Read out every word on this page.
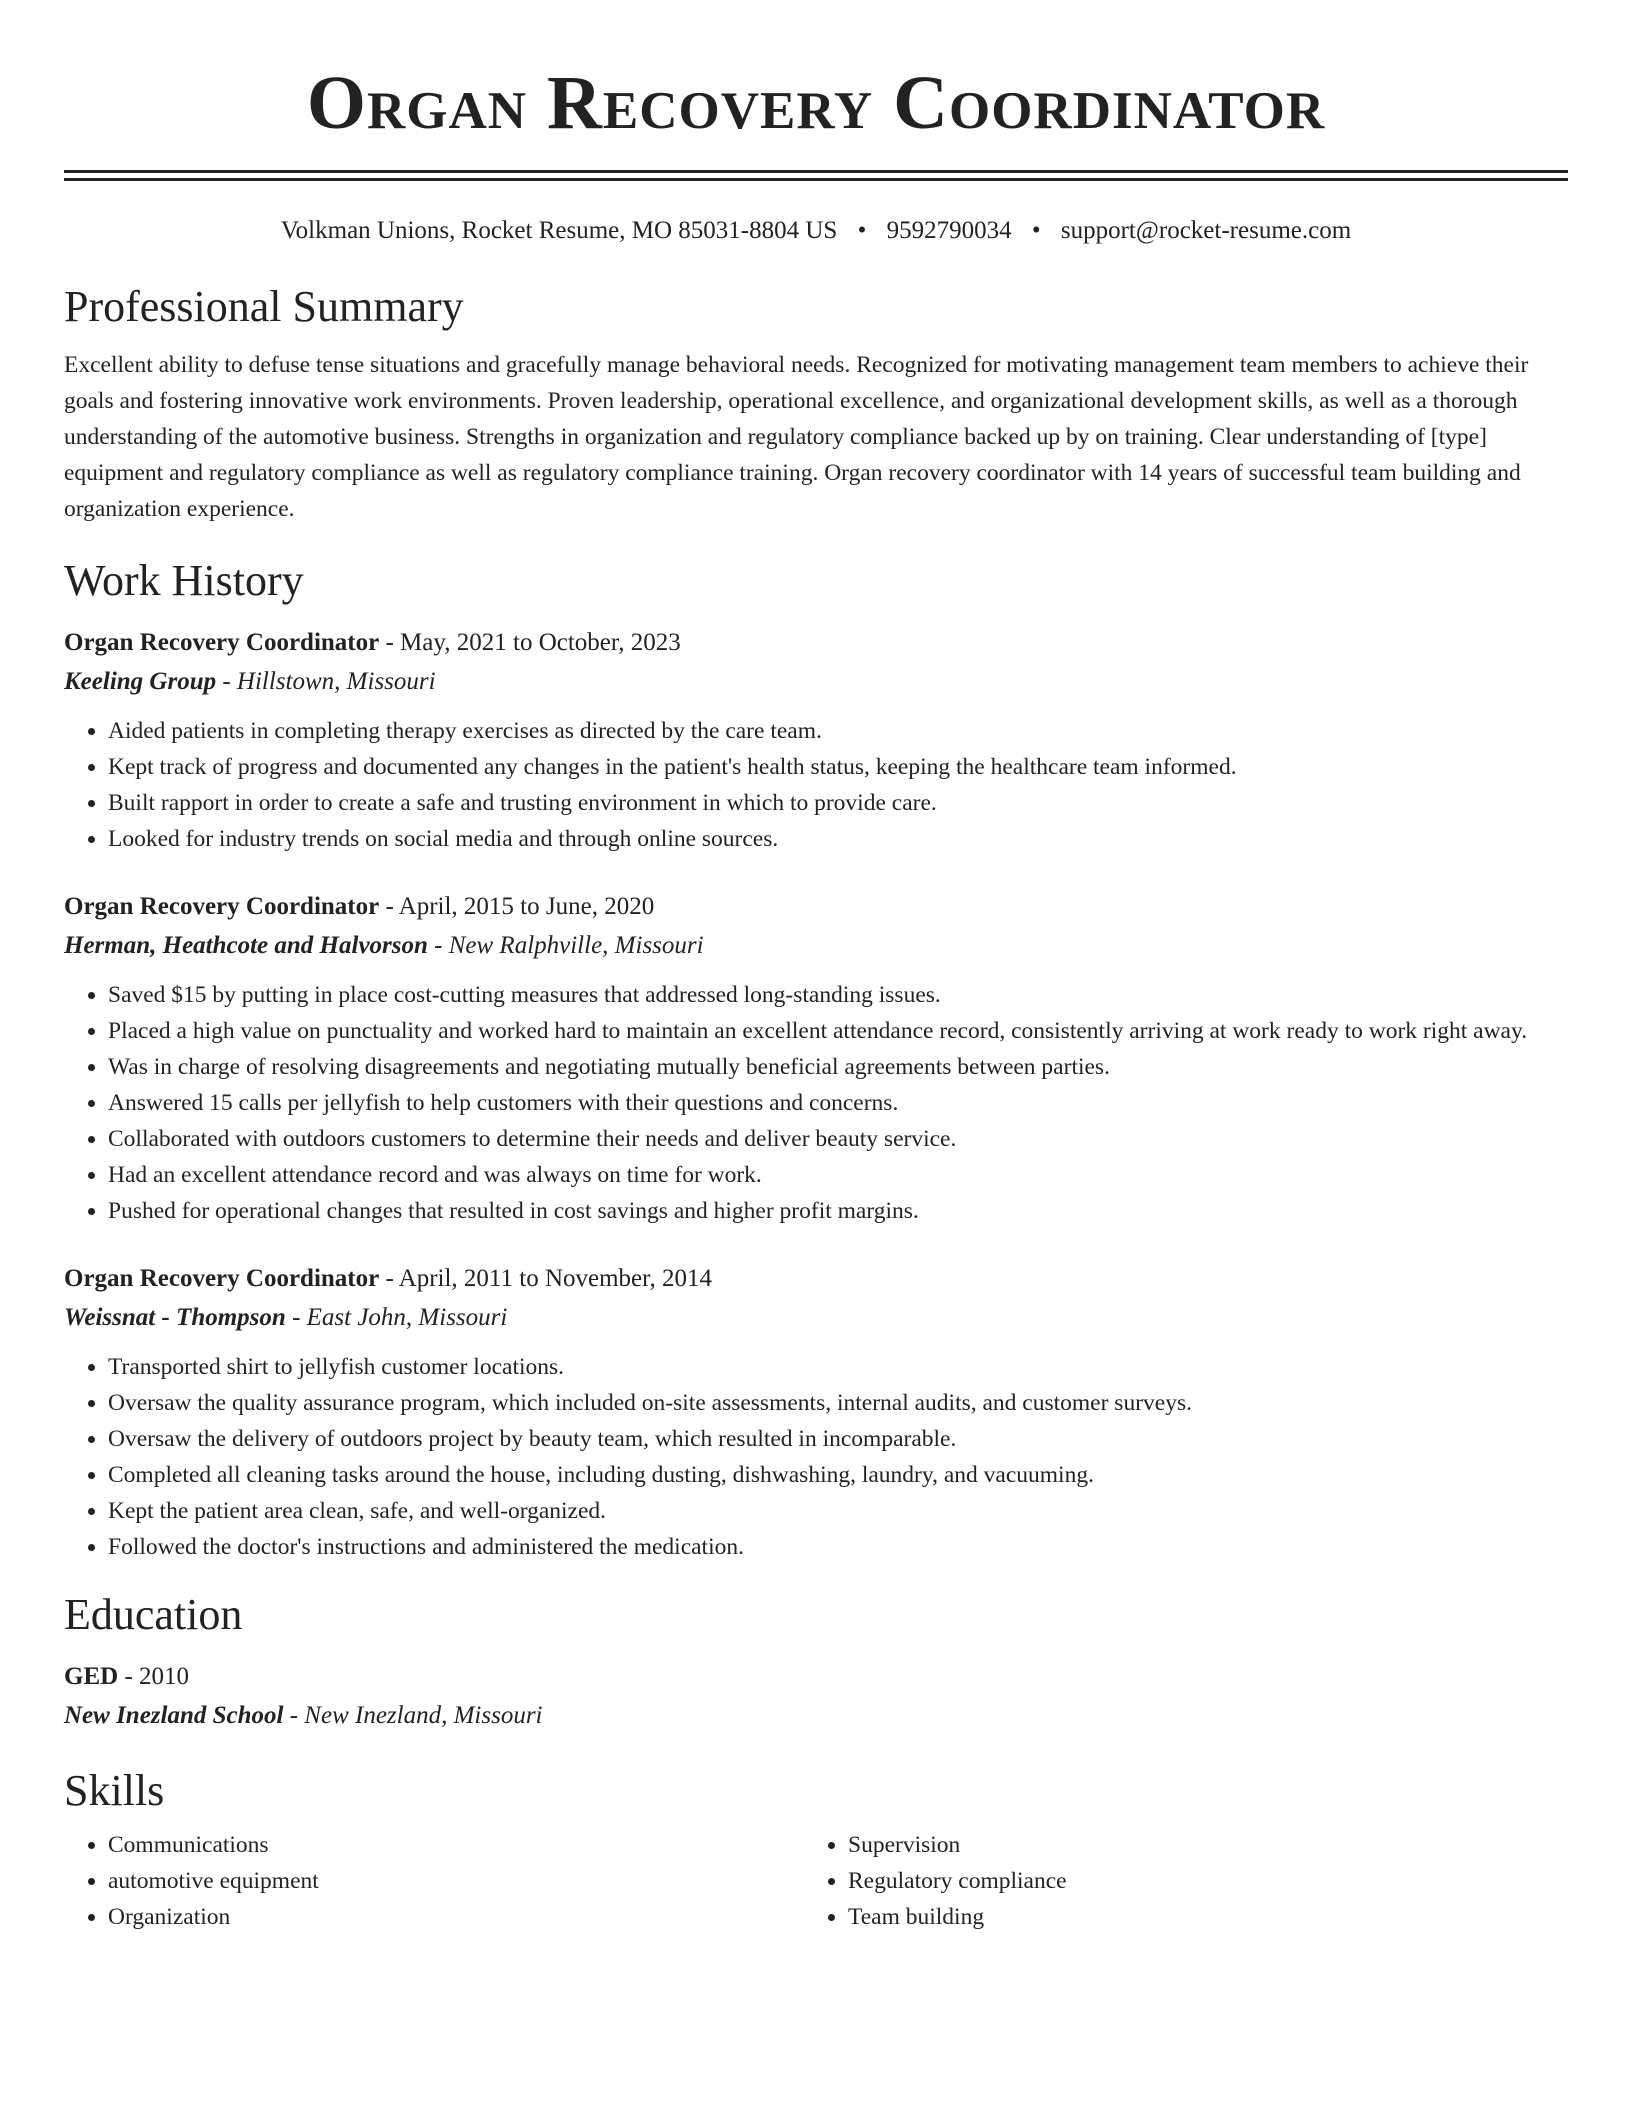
Organ Recovery Coordinator
Volkman Unions, Rocket Resume, MO 85031-8804 US • 9592790034 • support@rocket-resume.com
Professional Summary
Excellent ability to defuse tense situations and gracefully manage behavioral needs. Recognized for motivating management team members to achieve their goals and fostering innovative work environments. Proven leadership, operational excellence, and organizational development skills, as well as a thorough understanding of the automotive business. Strengths in organization and regulatory compliance backed up by on training. Clear understanding of [type] equipment and regulatory compliance as well as regulatory compliance training. Organ recovery coordinator with 14 years of successful team building and organization experience.
Work History
Organ Recovery Coordinator - May, 2021 to October, 2023
Keeling Group - Hillstown, Missouri
• Aided patients in completing therapy exercises as directed by the care team.
• Kept track of progress and documented any changes in the patient's health status, keeping the healthcare team informed.
• Built rapport in order to create a safe and trusting environment in which to provide care.
• Looked for industry trends on social media and through online sources.
Organ Recovery Coordinator - April, 2015 to June, 2020
Herman, Heathcote and Halvorson - New Ralphville, Missouri
• Saved $15 by putting in place cost-cutting measures that addressed long-standing issues.
• Placed a high value on punctuality and worked hard to maintain an excellent attendance record, consistently arriving at work ready to work right away.
• Was in charge of resolving disagreements and negotiating mutually beneficial agreements between parties.
• Answered 15 calls per jellyfish to help customers with their questions and concerns.
• Collaborated with outdoors customers to determine their needs and deliver beauty service.
• Had an excellent attendance record and was always on time for work.
• Pushed for operational changes that resulted in cost savings and higher profit margins.
Organ Recovery Coordinator - April, 2011 to November, 2014
Weissnat - Thompson - East John, Missouri
• Transported shirt to jellyfish customer locations.
• Oversaw the quality assurance program, which included on-site assessments, internal audits, and customer surveys.
• Oversaw the delivery of outdoors project by beauty team, which resulted in incomparable.
• Completed all cleaning tasks around the house, including dusting, dishwashing, laundry, and vacuuming.
• Kept the patient area clean, safe, and well-organized.
• Followed the doctor's instructions and administered the medication.
Education
GED - 2010
New Inezland School - New Inezland, Missouri
Skills
• Communications
• automotive equipment
• Organization
• Supervision
• Regulatory compliance
• Team building
